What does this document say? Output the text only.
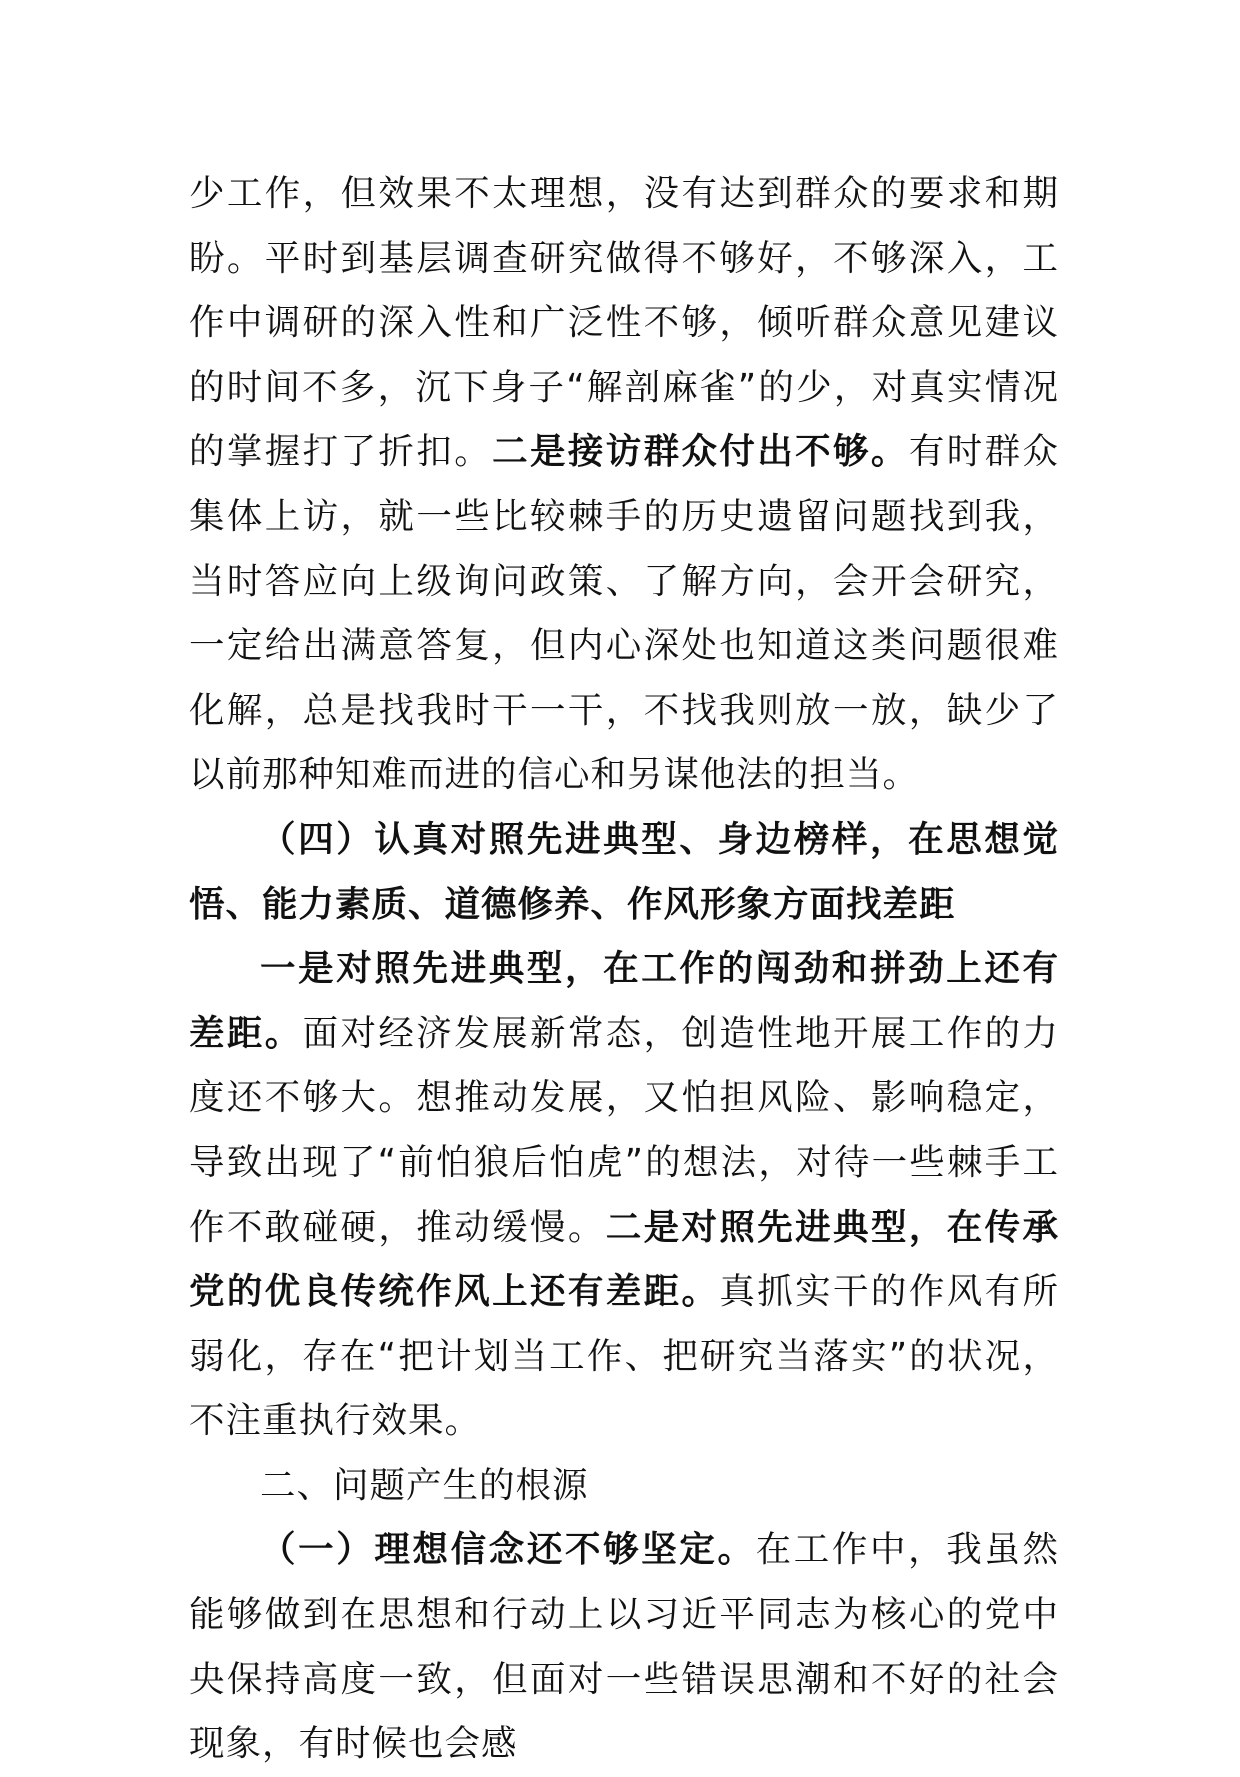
少工作，但效果不太理想，没有达到群众的要求和期盼。平时到基层调查研究做得不够好，不够深入，工作中调研的深入性和广泛性不够，倾听群众意见建议的时间不多，沉下身子“解剖麻雀”的少，对真实情况的掌握打了折扣。二是接访群众付出不够。有时群众集体上访，就一些比较棘手的历史遗留问题找到我，当时答应向上级询问政策、了解方向，会开会研究，一定给出满意答复，但内心深处也知道这类问题很难化解，总是找我时干一干，不找我则放一放，缺少了以前那种知难而进的信心和另谋他法的担当。

（四）认真对照先进典型、身边榜样，在思想觉悟、能力素质、道德修养、作风形象方面找差距

一是对照先进典型，在工作的闯劲和拼劲上还有差距。面对经济发展新常态，创造性地开展工作的力度还不够大。想推动发展，又怕担风险、影响稳定，导致出现了“前怕狼后怕虎”的想法，对待一些棘手工作不敢碰硬，推动缓慢。二是对照先进典型，在传承党的优良传统作风上还有差距。真抓实干的作风有所弱化，存在“把计划当工作、把研究当落实”的状况，不注重执行效果。

二、问题产生的根源

（一）理想信念还不够坚定。在工作中，我虽然能够做到在思想和行动上以习近平同志为核心的党中央保持高度一致，但面对一些错误思潮和不好的社会现象，有时候也会感
